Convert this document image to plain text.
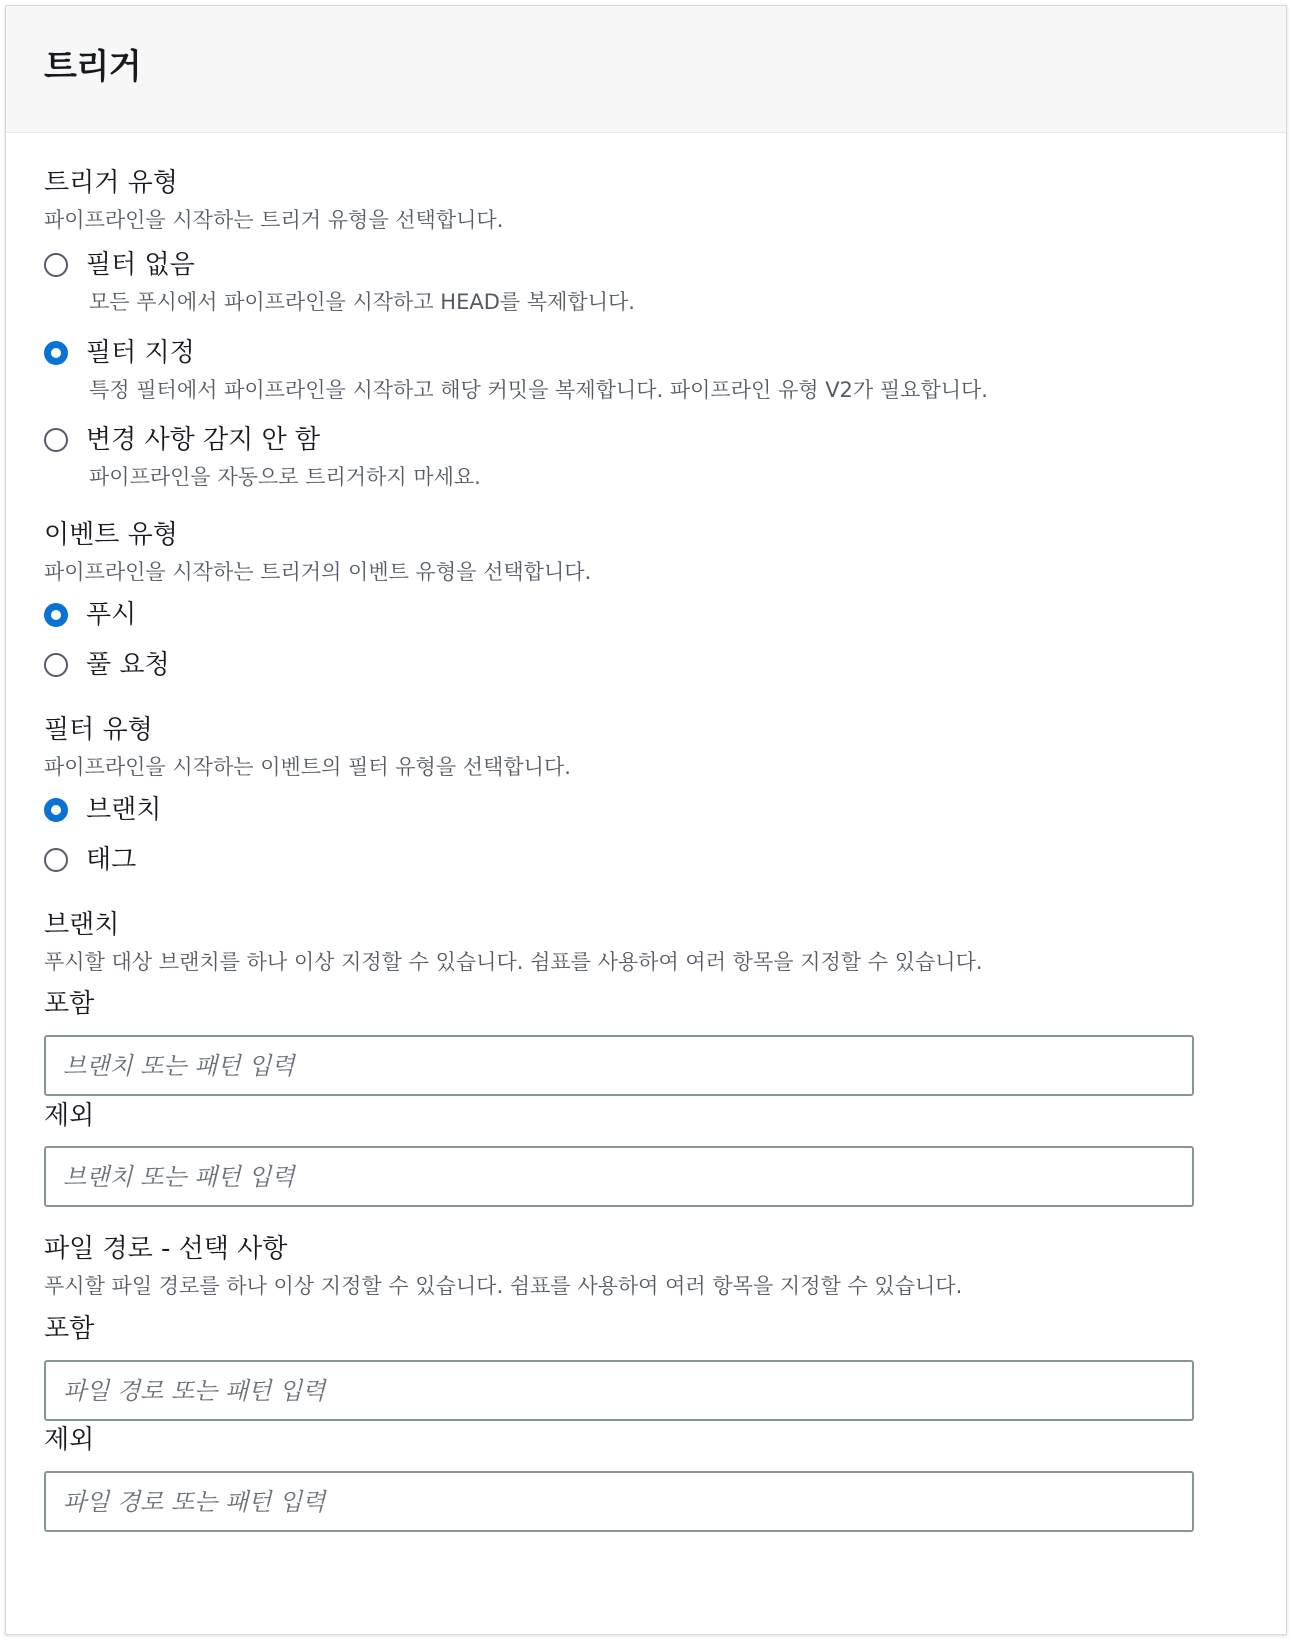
트리거
트리거 유형
파이프라인을 시작하는 트리거 유형을 선택합니다.
필터 없음
모든 푸시에서 파이프라인을 시작하고 HEAD를 복제합니다.
필터 지정
특정 필터에서 파이프라인을 시작하고 해당 커밋을 복제합니다. 파이프라인 유형 V2가 필요합니다.
변경 사항 감지 안 함
파이프라인을 자동으로 트리거하지 마세요.
이벤트 유형
파이프라인을 시작하는 트리거의 이벤트 유형을 선택합니다.
푸시
풀 요청
필터 유형
파이프라인을 시작하는 이벤트의 필터 유형을 선택합니다.
브랜치
태그
브랜치
푸시할 대상 브랜치를 하나 이상 지정할 수 있습니다. 쉼표를 사용하여 여러 항목을 지정할 수 있습니다.
포함
브랜치 또는 패턴 입력
제외
브랜치 또는 패턴 입력
파일 경로 - 선택 사항
푸시할 파일 경로를 하나 이상 지정할 수 있습니다. 쉼표를 사용하여 여러 항목을 지정할 수 있습니다.
포함
파일 경로 또는 패턴 입력
제외
파일 경로 또는 패턴 입력
